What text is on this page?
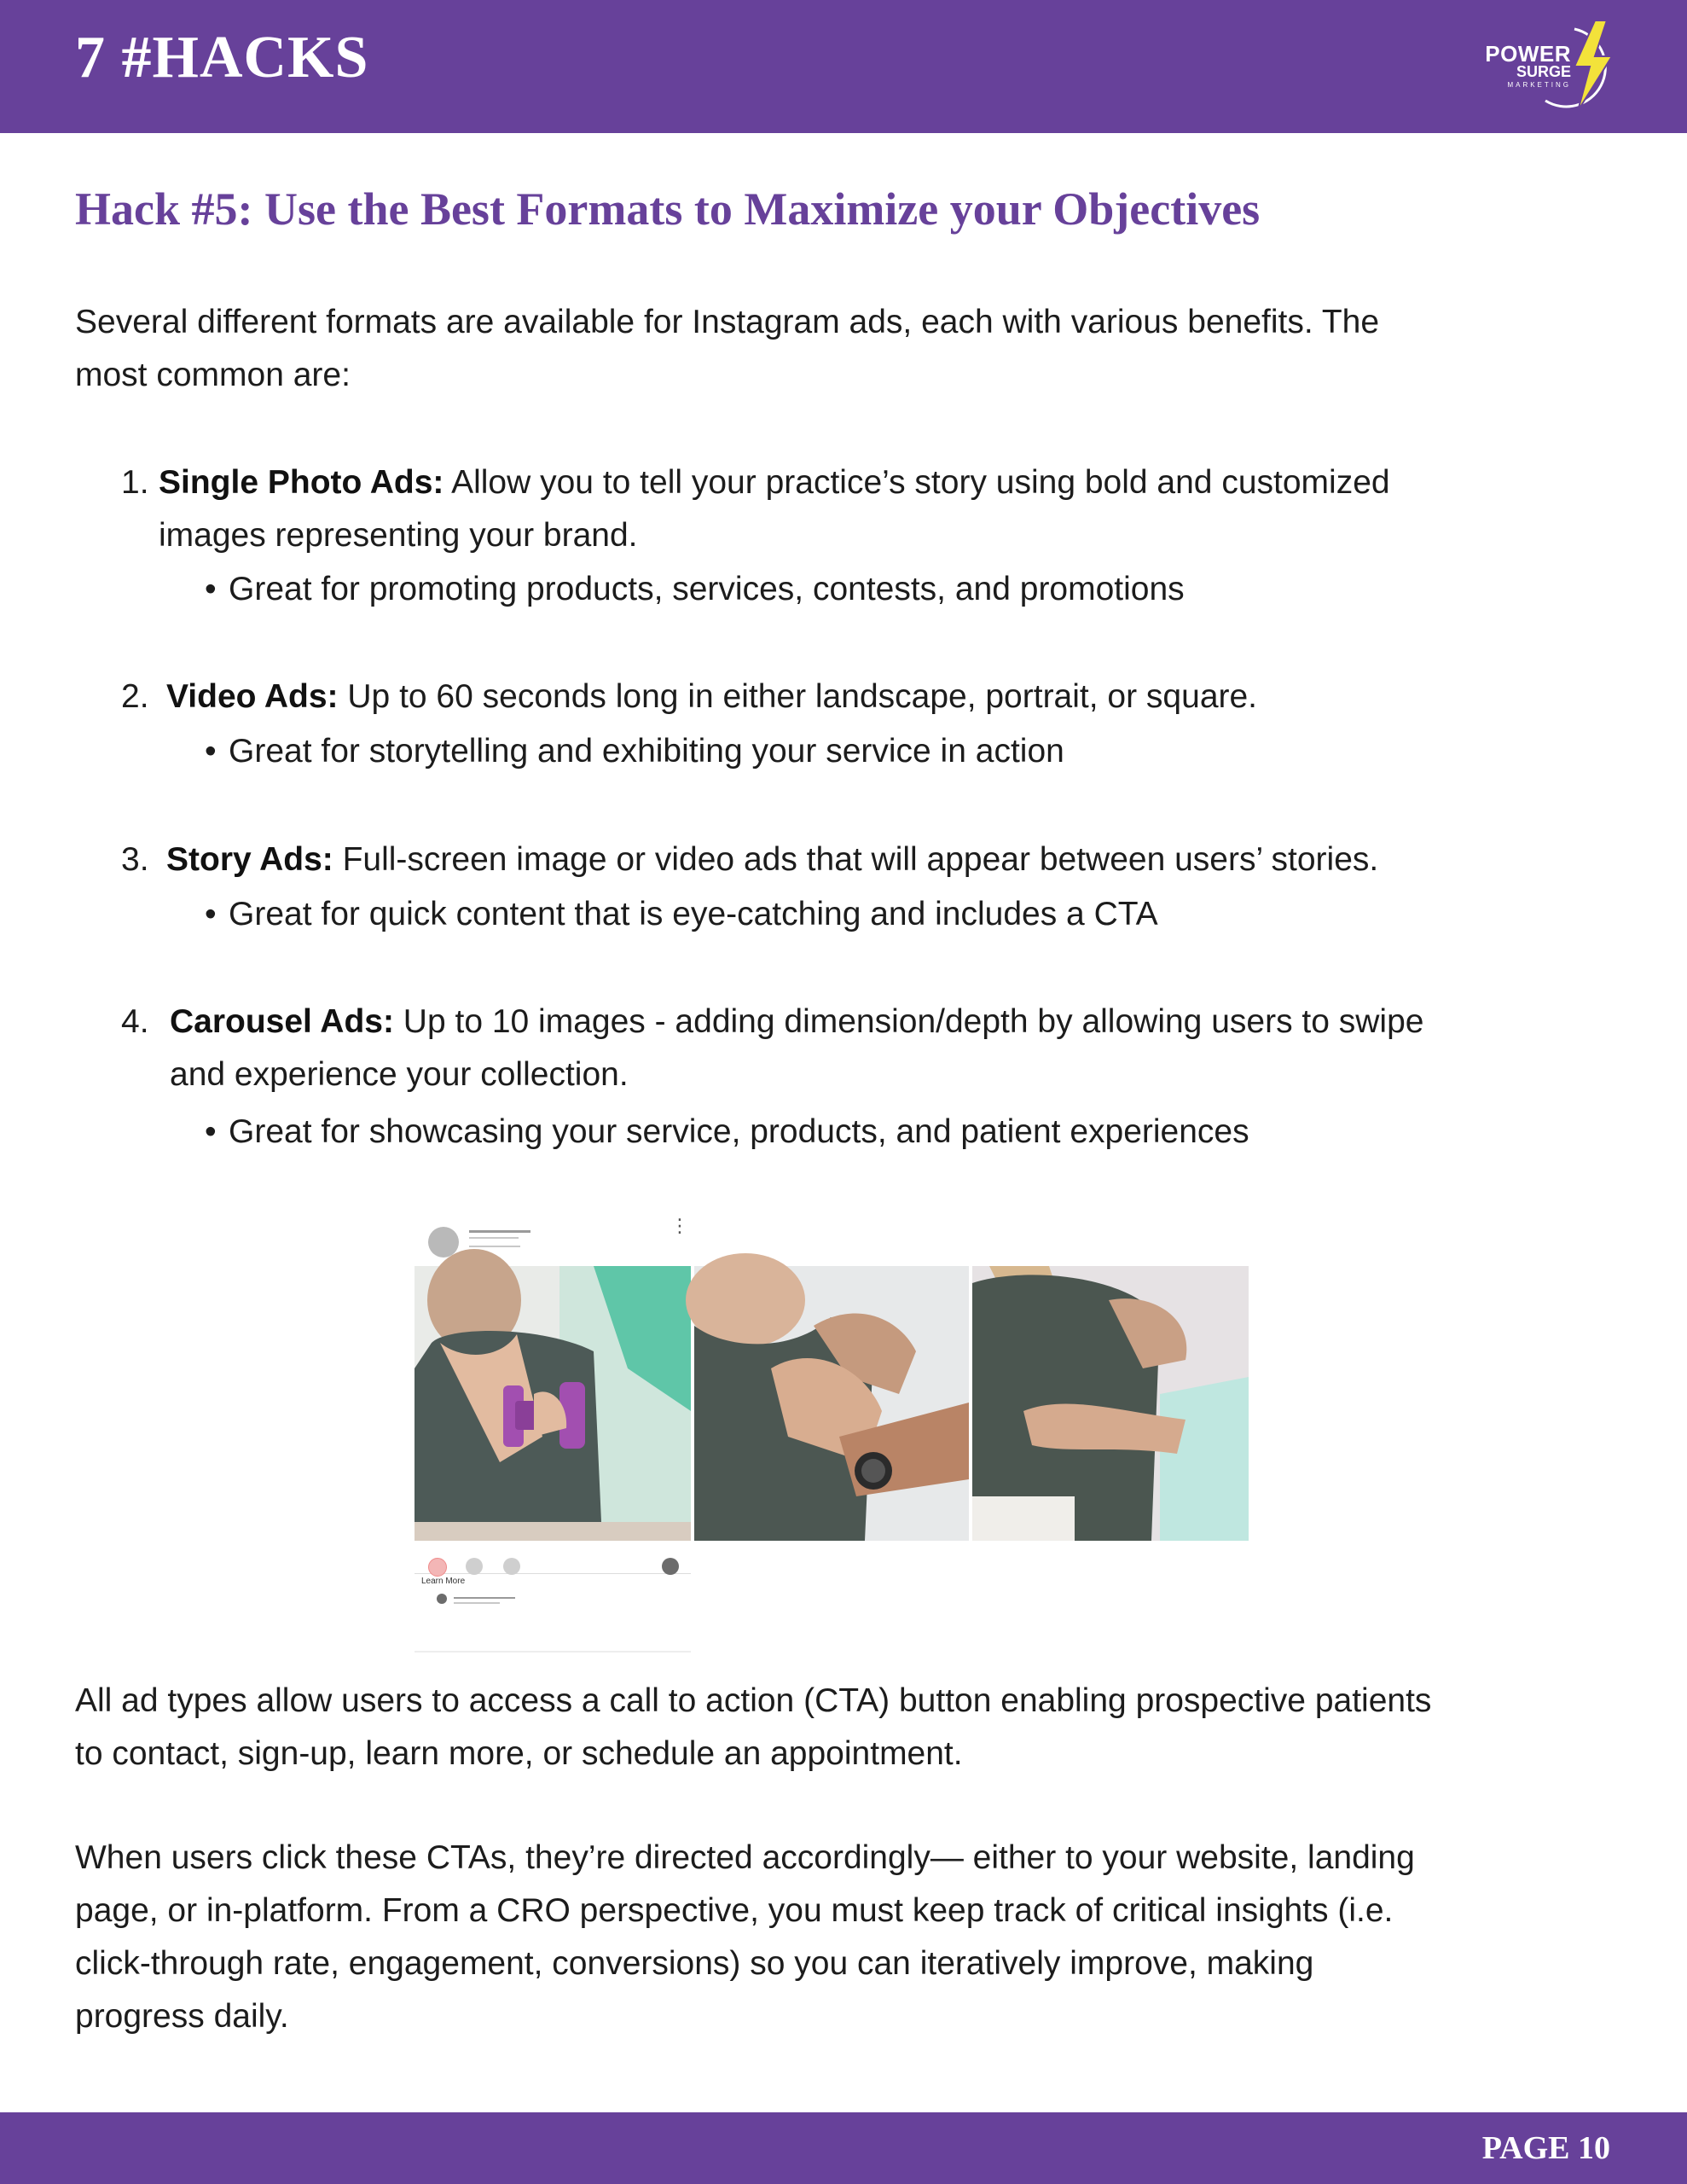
7 #HACKS	POWER
SURGE
MARKETING
Hack #5: Use the Best Formats to Maximize your Objectives
Several different formats are available for Instagram ads, each with various benefits. The
most common are:
1. Single Photo Ads: Allow you to tell your practice’s story using bold and customized
images representing your brand.
• Great for promoting products, services, contests, and promotions
2. Video Ads: Up to 60 seconds long in either landscape, portrait, or square.
• Great for storytelling and exhibiting your service in action
3. Story Ads: Full-screen image or video ads that will appear between users’ stories.
• Great for quick content that is eye-catching and includes a CTA
4. Carousel Ads: Up to 10 images - adding dimension/depth by allowing users to swipe
and experience your collection.
• Great for showcasing your service, products, and patient experiences
⋮
Learn More
All ad types allow users to access a call to action (CTA) button enabling prospective patients
to contact, sign-up, learn more, or schedule an appointment.
When users click these CTAs, they’re directed accordingly— either to your website, landing
page, or in-platform. From a CRO perspective, you must keep track of critical insights (i.e.
click-through rate, engagement, conversions) so you can iteratively improve, making
progress daily.
PAGE 10
